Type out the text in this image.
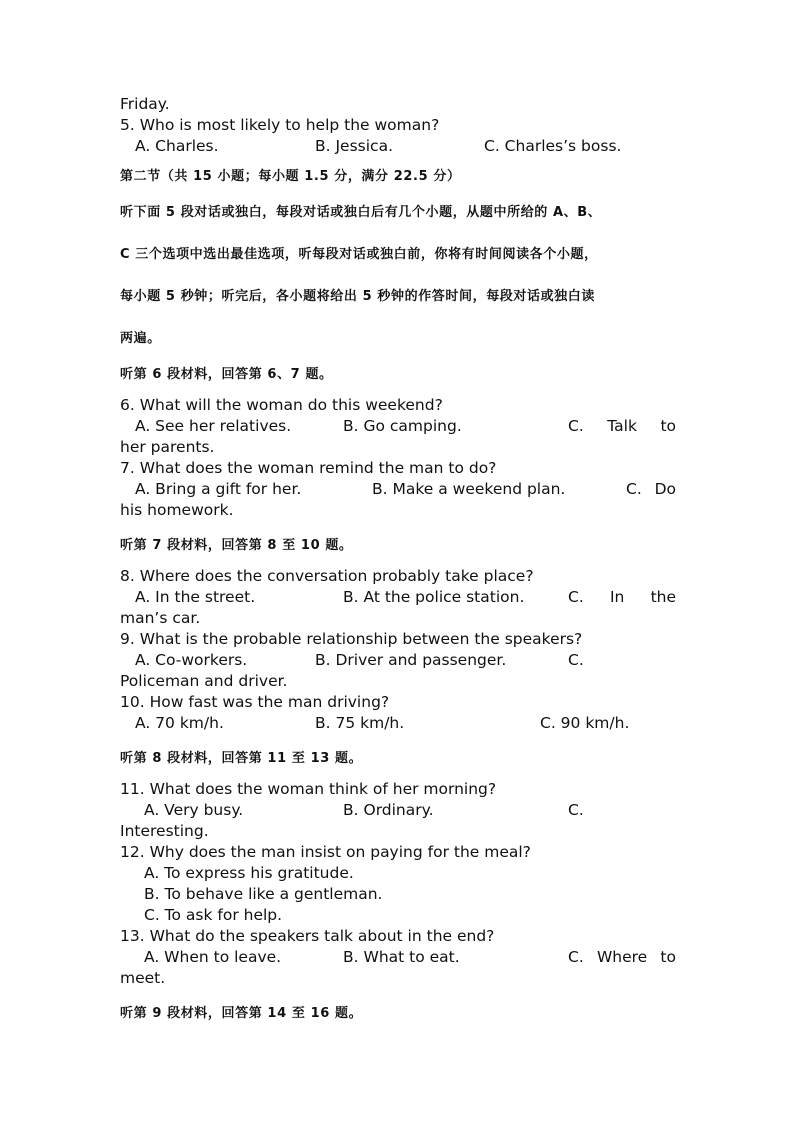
Friday.
5. Who is most likely to help the woman?
A. Charles.	B. Jessica.	C. Charles’s boss.
第二节（共 15 小题；每小题 1.5 分，满分 22.5 分）

听下面 5 段对话或独白，每段对话或独白后有几个小题，从题中所给的 A、B、

C 三个选项中选出最佳选项，听每段对话或独白前，你将有时间阅读各个小题，

每小题 5 秒钟；听完后，各小题将给出 5 秒钟的作答时间，每段对话或独白读

两遍。

听第 6 段材料，回答第 6、7 题。
6. What will the woman do this weekend?
A. See her relatives.	B. Go camping.	C. Talk to
her parents.
7. What does the woman remind the man to do?
A. Bring a gift for her.	B. Make a weekend plan.	C. Do
his homework.
听第 7 段材料，回答第 8 至 10 题。
8. Where does the conversation probably take place?
A. In the street.	B. At the police station.	C. In the
man’s car.
9. What is the probable relationship between the speakers?
A. Co-workers.	B. Driver and passenger.	C.
Policeman and driver.
10. How fast was the man driving?
A. 70 km/h.	B. 75 km/h.	C. 90 km/h.
听第 8 段材料，回答第 11 至 13 题。
11. What does the woman think of her morning?
A. Very busy.	B. Ordinary.	C.
Interesting.
12. Why does the man insist on paying for the meal?
A. To express his gratitude.
B. To behave like a gentleman.
C. To ask for help.
13. What do the speakers talk about in the end?
A. When to leave.	B. What to eat.	C. Where to
meet.
听第 9 段材料，回答第 14 至 16 题。
